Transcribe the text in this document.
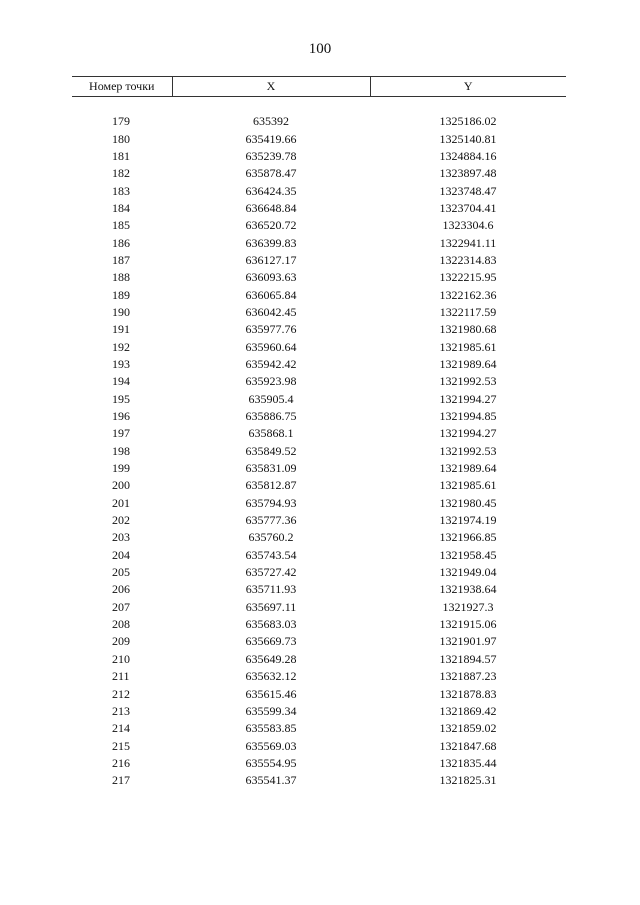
100
Номер точки	X	Y

179	635392	1325186.02
180	635419.66	1325140.81
181	635239.78	1324884.16
182	635878.47	1323897.48
183	636424.35	1323748.47
184	636648.84	1323704.41
185	636520.72	1323304.6
186	636399.83	1322941.11
187	636127.17	1322314.83
188	636093.63	1322215.95
189	636065.84	1322162.36
190	636042.45	1322117.59
191	635977.76	1321980.68
192	635960.64	1321985.61
193	635942.42	1321989.64
194	635923.98	1321992.53
195	635905.4	1321994.27
196	635886.75	1321994.85
197	635868.1	1321994.27
198	635849.52	1321992.53
199	635831.09	1321989.64
200	635812.87	1321985.61
201	635794.93	1321980.45
202	635777.36	1321974.19
203	635760.2	1321966.85
204	635743.54	1321958.45
205	635727.42	1321949.04
206	635711.93	1321938.64
207	635697.11	1321927.3
208	635683.03	1321915.06
209	635669.73	1321901.97
210	635649.28	1321894.57
211	635632.12	1321887.23
212	635615.46	1321878.83
213	635599.34	1321869.42
214	635583.85	1321859.02
215	635569.03	1321847.68
216	635554.95	1321835.44
217	635541.37	1321825.31
